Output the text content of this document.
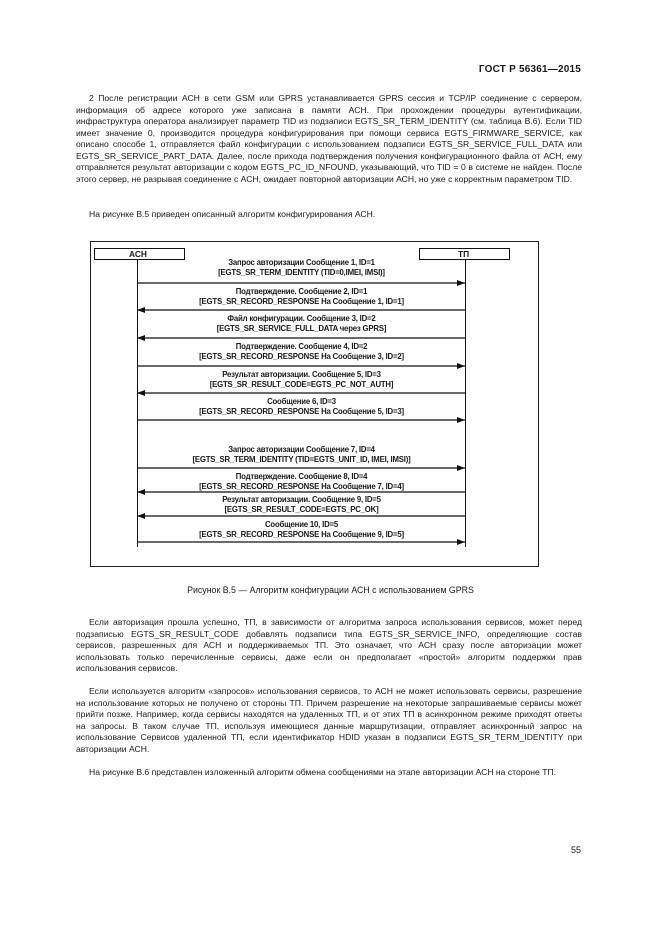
ГОСТ Р 56361—2015

2 После регистрации АСН в сети GSM или GPRS устанавливается GPRS сессия и TCP/IP соединение с сервером, информация об адресе которого уже записана в памяти АСН. При прохождении процедуры аутентификации, инфраструктура оператора анализирует параметр TID из подзаписи EGTS_SR_TERM_IDENTITY (см. таблица В.6). Если TID имеет значение 0, производится процедура конфигурирования при помощи сервиса EGTS_FIRMWARE_SERVICE, как описано способе 1, отправляется файл конфигурации с использованием подзаписи EGTS_SR_SERVICE_FULL_DATA или EGTS_SR_SERVICE_PART_DATA. Далее, после прихода подтверждения получения конфигурационного файла от АСН, ему отправляется результат авторизации с кодом EGTS_PC_ID_NFOUND, указывающий, что TID = 0 в системе не найден. После этого сервер, не разрывая соединение с АСН, ожидает повторной авторизации АСН, но уже с корректным параметром TID.

На рисунке В.5 приведен описанный алгоритм конфигурирования АСН.

АСН	ТП
Запрос авторизации Сообщение 1, ID=1
[EGTS_SR_TERM_IDENTITY (TID=0,IMEI, IMSI)]
Подтверждение. Сообщение 2, ID=1
[EGTS_SR_RECORD_RESPONSE На Сообщение 1, ID=1]
Файл конфигурации. Сообщение 3, ID=2
[EGTS_SR_SERVICE_FULL_DATA через GPRS]
Подтверждение. Сообщение 4, ID=2
[EGTS_SR_RECORD_RESPONSE На Сообщение 3, ID=2]
Результат авторизации. Сообщение 5, ID=3
[EGTS_SR_RESULT_CODE=EGTS_PC_NOT_AUTH]
Сообщение 6, ID=3
[EGTS_SR_RECORD_RESPONSE На Сообщение 5, ID=3]
Запрос авторизации Сообщение 7, ID=4
[EGTS_SR_TERM_IDENTITY (TID=EGTS_UNIT_ID, IMEI, IMSI)]
Подтверждение. Сообщение 8, ID=4
[EGTS_SR_RECORD_RESPONSE На Сообщение 7, ID=4]
Результат авторизации. Сообщение 9, ID=5
[EGTS_SR_RESULT_CODE=EGTS_PC_OK]
Сообщение 10, ID=5
[EGTS_SR_RECORD_RESPONSE На Сообщение 9, ID=5]
Рисунок В.5 — Алгоритм конфигурации АСН с использованием GPRS

Если авторизация прошла успешно, ТП, в зависимости от алгоритма запроса использования сервисов, может перед подзаписью EGTS_SR_RESULT_CODE добавлять подзаписи типа EGTS_SR_SERVICE_INFO, определяющие состав сервисов, разрешенных для АСН и поддерживаемых ТП. Это означает, что АСН сразу после авторизации может использовать только перечисленные сервисы, даже если он предполагает «простой» алгоритм поддержки прав использования сервисов.

Если используется алгоритм «запросов» использования сервисов, то АСН не может использовать сервисы, разрешение на использование которых не получено от стороны ТП. Причем разрешение на некоторые запрашиваемые сервисы может прийти позже. Например, когда сервисы находятся на удаленных ТП, и от этих ТП в асинхронном режиме приходят ответы на запросы. В таком случае ТП, используя имеющиеся данные маршрутизации, отправляет асинхронный запрос на использование Сервисов удаленной ТП, если идентификатор HDID указан в подзаписи EGTS_SR_TERM_IDENTITY при авторизации АСН.

На рисунке В.6 представлен изложенный алгоритм обмена сообщениями на этапе авторизации АСН на стороне ТП.

55
